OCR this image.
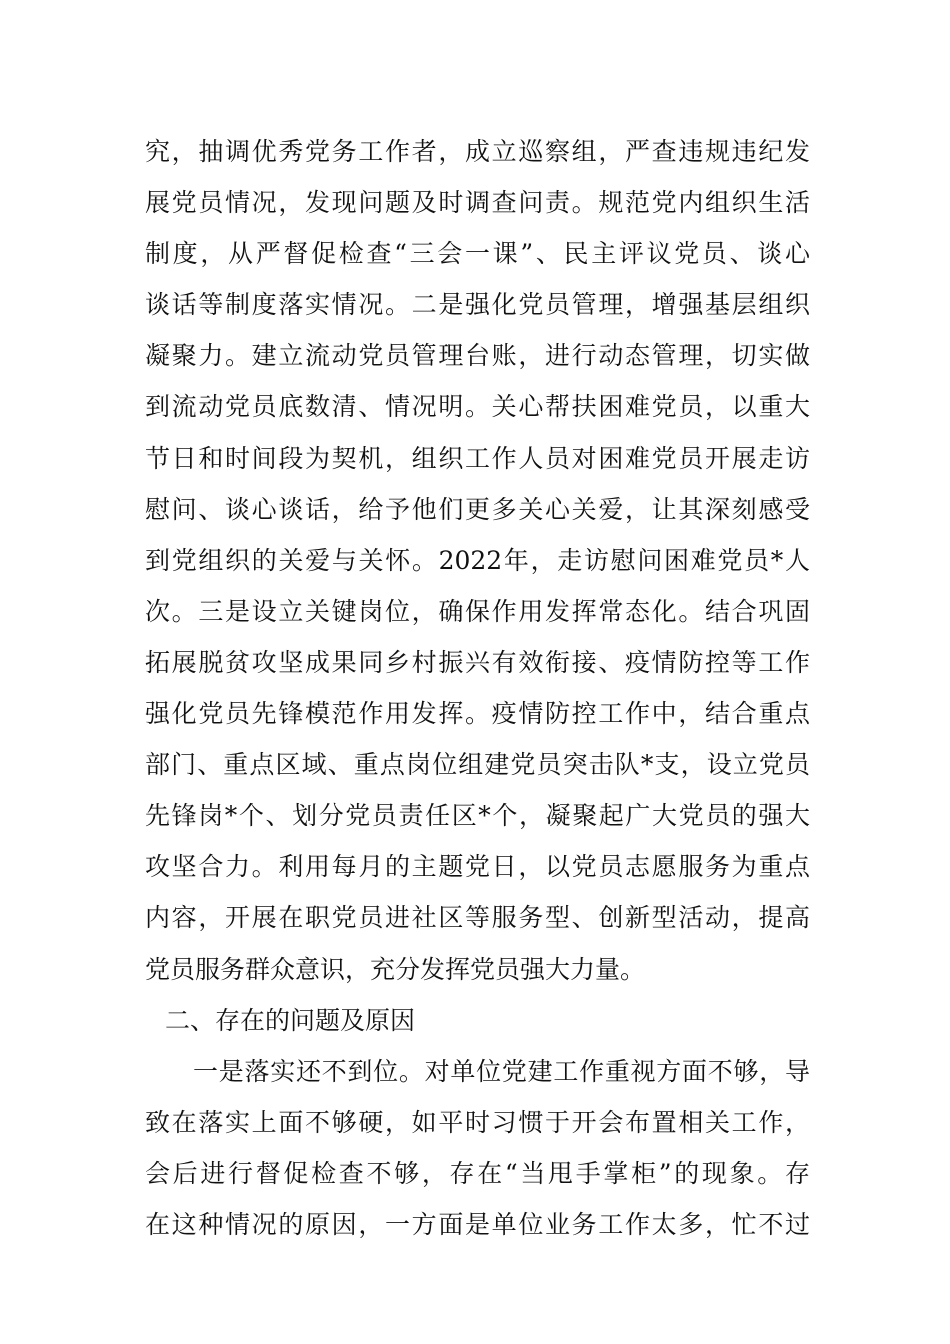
究，抽调优秀党务工作者，成立巡察组，严查违规违纪发
展党员情况，发现问题及时调查问责。规范党内组织生活
制度，从严督促检查“三会一课”、民主评议党员、谈心
谈话等制度落实情况。二是强化党员管理，增强基层组织
凝聚力。建立流动党员管理台账，进行动态管理，切实做
到流动党员底数清、情况明。关心帮扶困难党员，以重大
节日和时间段为契机，组织工作人员对困难党员开展走访
慰问、谈心谈话，给予他们更多关心关爱，让其深刻感受
到党组织的关爱与关怀。2022年，走访慰问困难党员*人
次。三是设立关键岗位，确保作用发挥常态化。结合巩固
拓展脱贫攻坚成果同乡村振兴有效衔接、疫情防控等工作
强化党员先锋模范作用发挥。疫情防控工作中，结合重点
部门、重点区域、重点岗位组建党员突击队*支，设立党员
先锋岗*个、划分党员责任区*个，凝聚起广大党员的强大
攻坚合力。利用每月的主题党日，以党员志愿服务为重点
内容，开展在职党员进社区等服务型、创新型活动，提高
党员服务群众意识，充分发挥党员强大力量。
二、存在的问题及原因
一是落实还不到位。对单位党建工作重视方面不够，导
致在落实上面不够硬，如平时习惯于开会布置相关工作，
会后进行督促检查不够，存在“当甩手掌柜”的现象。存
在这种情况的原因，一方面是单位业务工作太多，忙不过
